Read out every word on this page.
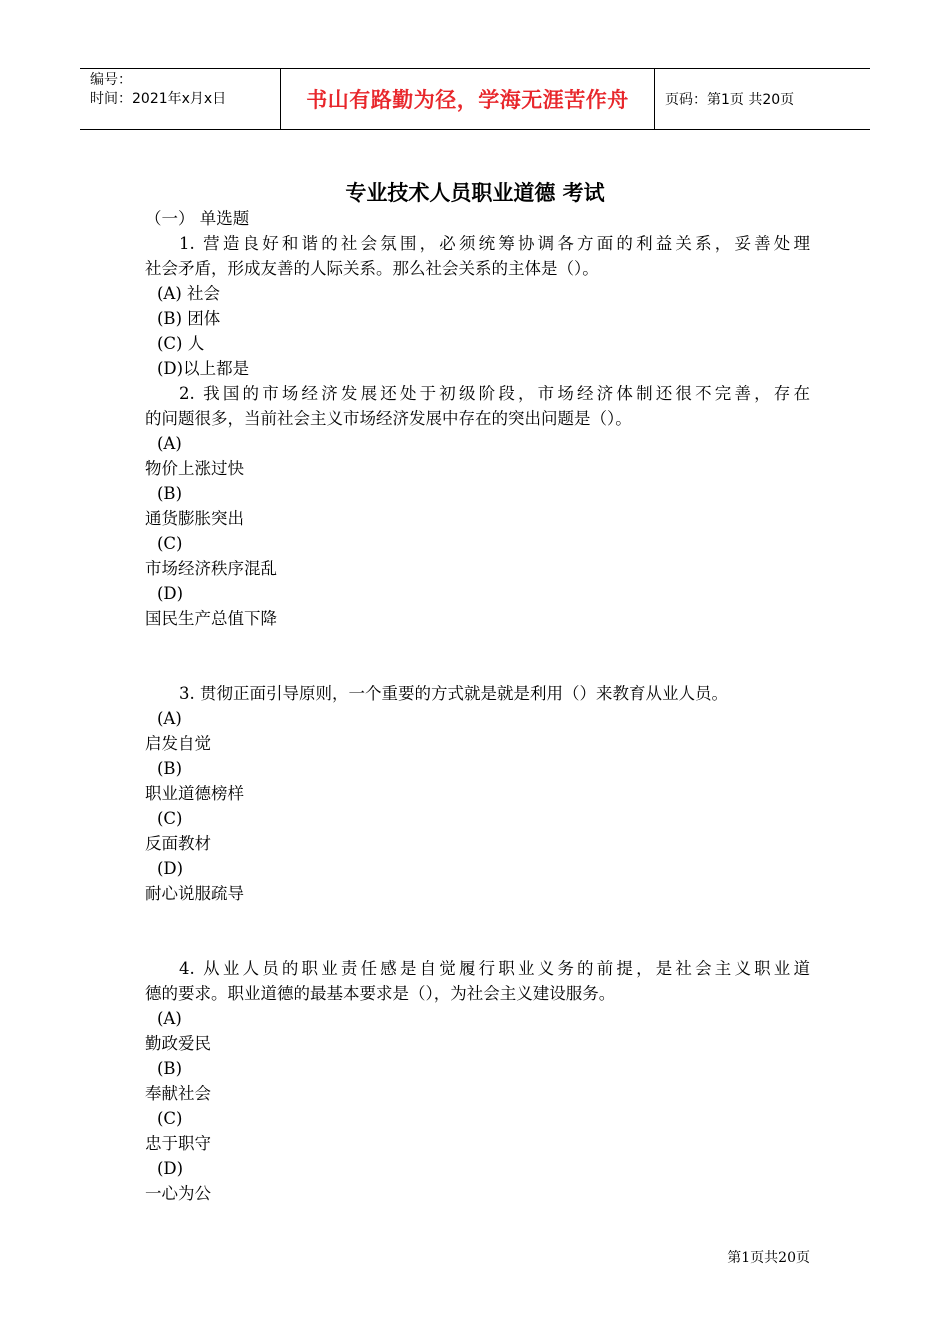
编号：
时间：2021年x月x日	书山有路勤为径，学海无涯苦作舟	页码：第1页 共20页
专业技术人员职业道德 考试
（一） 单选题
1. 营造良好和谐的社会氛围，必须统筹协调各方面的利益关系，妥善处理
社会矛盾，形成友善的人际关系。那么社会关系的主体是（）。
(A) 社会
(B) 团体
(C) 人
(D)以上都是
2. 我国的市场经济发展还处于初级阶段，市场经济体制还很不完善，存在
的问题很多，当前社会主义市场经济发展中存在的突出问题是（）。
(A)
物价上涨过快
(B)
通货膨胀突出
(C)
市场经济秩序混乱
(D)
国民生产总值下降
3. 贯彻正面引导原则，一个重要的方式就是就是利用（）来教育从业人员。
(A)
启发自觉
(B)
职业道德榜样
(C)
反面教材
(D)
耐心说服疏导
4. 从业人员的职业责任感是自觉履行职业义务的前提，是社会主义职业道
德的要求。职业道德的最基本要求是（），为社会主义建设服务。
(A)
勤政爱民
(B)
奉献社会
(C)
忠于职守
(D)
一心为公
第1页共20页
